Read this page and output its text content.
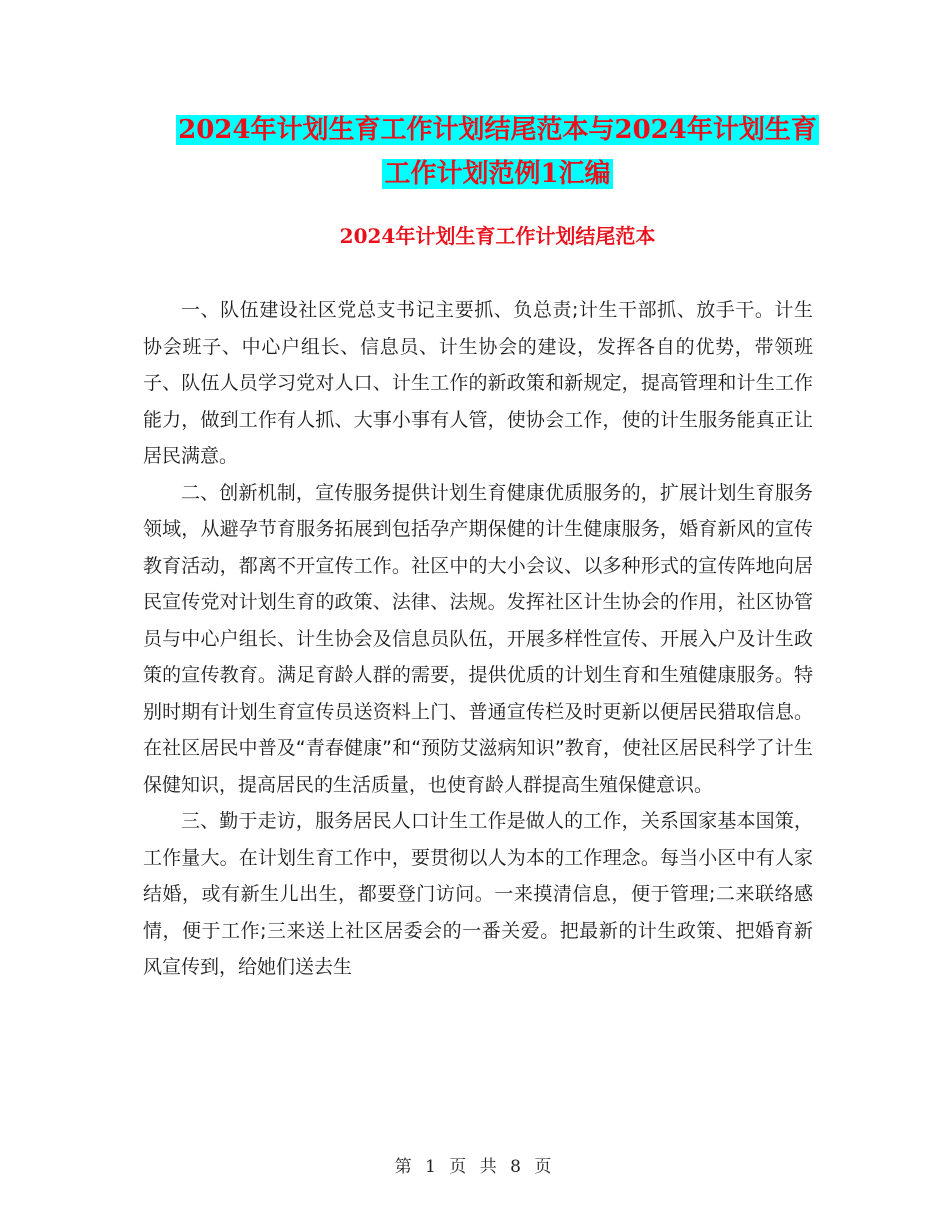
2024年计划生育工作计划结尾范本与2024年计划生育
工作计划范例1汇编
2024年计划生育工作计划结尾范本

一、队伍建设社区党总支书记主要抓、负总责;计生干部抓、放手干。计生协会班子、中心户组长、信息员、计生协会的建设，发挥各自的优势，带领班子、队伍人员学习党对人口、计生工作的新政策和新规定，提高管理和计生工作能力，做到工作有人抓、大事小事有人管，使协会工作，使的计生服务能真正让居民满意。

二、创新机制，宣传服务提供计划生育健康优质服务的，扩展计划生育服务领域，从避孕节育服务拓展到包括孕产期保健的计生健康服务，婚育新风的宣传教育活动，都离不开宣传工作。社区中的大小会议、以多种形式的宣传阵地向居民宣传党对计划生育的政策、法律、法规。发挥社区计生协会的作用，社区协管员与中心户组长、计生协会及信息员队伍，开展多样性宣传、开展入户及计生政策的宣传教育。满足育龄人群的需要，提供优质的计划生育和生殖健康服务。特别时期有计划生育宣传员送资料上门、普通宣传栏及时更新以便居民猎取信息。在社区居民中普及“青春健康”和“预防艾滋病知识”教育，使社区居民科学了计生保健知识，提高居民的生活质量，也使育龄人群提高生殖保健意识。

三、勤于走访，服务居民人口计生工作是做人的工作，关系国家基本国策，工作量大。在计划生育工作中，要贯彻以人为本的工作理念。每当小区中有人家结婚，或有新生儿出生，都要登门访问。一来摸清信息，便于管理;二来联络感情，便于工作;三来送上社区居委会的一番关爱。把最新的计生政策、把婚育新风宣传到，给她们送去生

第 1 页 共 8 页
